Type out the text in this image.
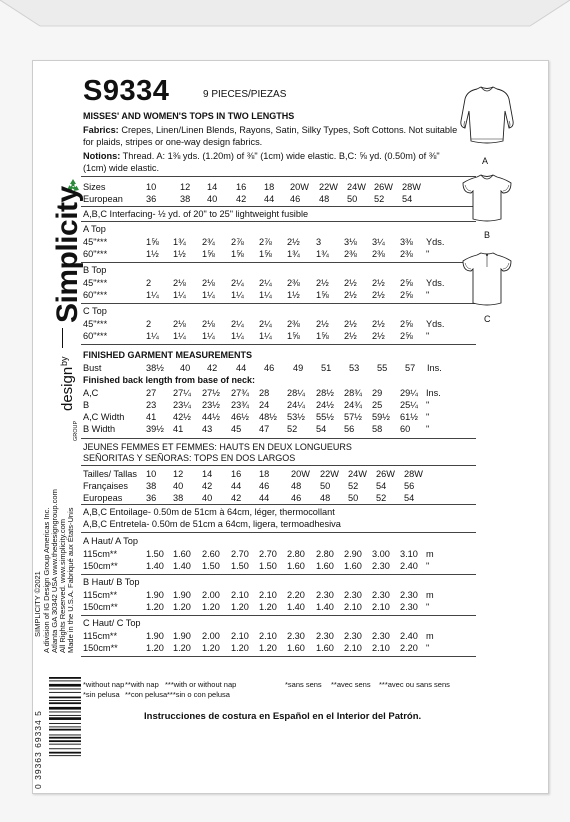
S9334	9 PIECES/PIEZAS
MISSES' AND WOMEN'S TOPS IN TWO LENGTHS
Fabrics: Crepes, Linen/Linen Blends, Rayons, Satin, Silky Types, Soft Cottons. Not suitable
for plaids, stripes or one-way design fabrics.
Notions: Thread. A: 1⅜ yds. (1.20m) of ⅜" (1cm) wide elastic. B,C: ⅝ yd. (0.50m) of ⅜"
(1cm) wide elastic.
Sizes	10	12 14 16 18 20W 22W 24W 26W 28W
European	36	38 40 42 44 46 48 50 52 54
A,B,C Interfacing- ½ yd. of 20" to 25" lightweight fusible
A Top
45"***	1⅝ 1¾ 2¾ 2⅞ 2⅞ 2½ 3 3⅛ 3¼ 3⅜ Yds.
60"***	1½ 1½ 1⅝ 1⅝ 1⅝ 1¾ 1¾ 2⅜ 2⅜ 2⅜ "
B Top
45"***	2 2⅛ 2⅛ 2¼ 2¼ 2⅜ 2½ 2½ 2½ 2⅝ Yds.
60"***	1¼ 1¼ 1¼ 1¼ 1¼ 1½ 1⅝ 2½ 2½ 2⅝ "
C Top
45"***	2 2⅛ 2⅛ 2¼ 2¼ 2⅜ 2½ 2½ 2½ 2⅝ Yds.
60"***	1¼ 1¼ 1¼ 1¼ 1¼ 1⅝ 1⅝ 2½ 2½ 2⅝ "
FINISHED GARMENT MEASUREMENTS
Bust	38½ 40 42 44 46 49 51 53 55 57 Ins.
Finished back length from base of neck:
A,C	27 27¼ 27½ 27¾ 28 28¼ 28½ 28¾ 29 29¼ Ins.
B	23 23¼ 23½ 23¾ 24 24¼ 24½ 24¾ 25 25¼ "
A,C Width 41 42½ 44½ 46½ 48½ 53½ 55½ 57½ 59½ 61½ "
B Width	39½ 41 43 45 47 52 54 56 58 60 "
JEUNES FEMMES ET FEMMES: HAUTS EN DEUX LONGUEURS
SEÑORITAS Y SEÑORAS: TOPS EN DOS LARGOS
Tailles/ Tallas 10 12 14 16 18 20W 22W 24W 26W 28W
Françaises 38 40 42 44 46 48 50 52 54 56
Europeas	36 38 40 42 44 46 48 50 52 54
A,B,C Entoilage- 0.50m de 51cm à 64cm, léger, thermocollant
A,B,C Entretela- 0.50m de 51cm a 64cm, ligera, termoadhesiva
A Haut/ A Top
115cm**	1.50 1.60 2.60 2.70 2.70 2.80 2.80 2.90 3.00 3.10 m
150cm**	1.40 1.40 1.50 1.50 1.50 1.60 1.60 1.60 2.30 2.40 "
B Haut/ B Top
115cm**	1.90 1.90 2.00 2.10 2.10 2.20 2.30 2.30 2.30 2.30 m
150cm**	1.20 1.20 1.20 1.20 1.20 1.40 1.40 2.10 2.10 2.30 "
C Haut/ C Top
115cm**	1.90 1.90 2.00 2.10 2.10 2.30 2.30 2.30 2.30 2.40 m
150cm**	1.20 1.20 1.20 1.20 1.20 1.60 1.60 2.10 2.10 2.20 "
*without nap **with nap ***with or without nap
*sin pelusa **con pelusa ***sin o con pelusa
*sans sens **avec sens ***avec ou sans sens
Instrucciones de costura en Español en el Interior del Patrón.
Simplicity
by
design
GROUP
SIMPLICITY ©2021 A division of IG Design Group Americas Inc. Atlanta GA 30342 USA www.thedesigngroup.com All Rights Reserved. www.simplicity.com Made in the U.S.A. Fabriqué aux États-Unis
0 39363 69334 5
A
B
C
